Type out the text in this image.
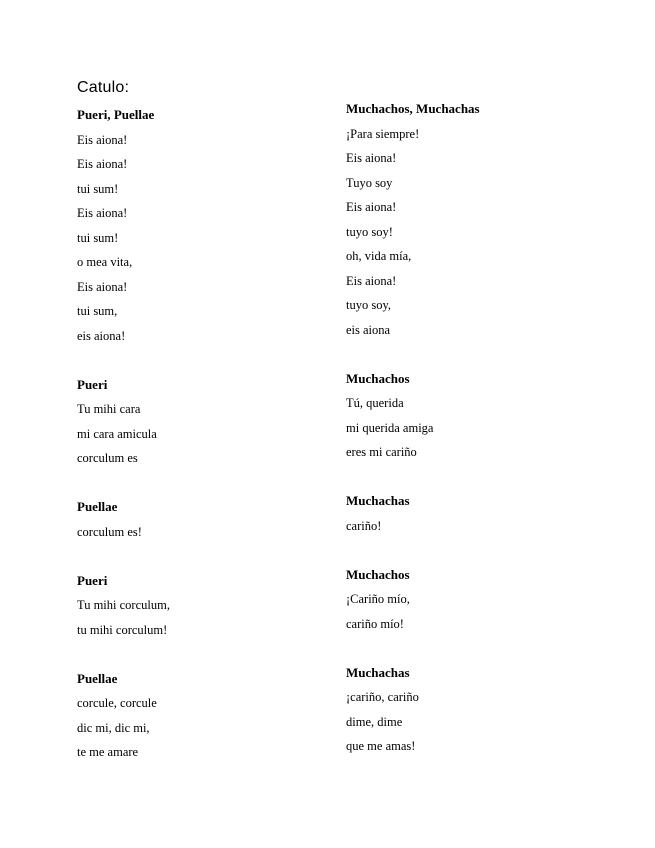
Catulo:
Pueri, Puellae
Eis aiona!
Eis aiona!
tui sum!
Eis aiona!
tui sum!
o mea vita,
Eis aiona!
tui sum,
eis aiona!
Pueri
Tu mihi cara
mi cara amicula
corculum es
Puellae
corculum es!
Pueri
Tu mihi corculum,
tu mihi corculum!
Puellae
corcule, corcule
dic mi, dic mi,
te me amare
Muchachos, Muchachas
¡Para siempre!
Eis aiona!
Tuyo soy
Eis aiona!
tuyo soy!
oh, vida mía,
Eis aiona!
tuyo soy,
eis aiona
Muchachos
Tú, querida
mi querida amiga
eres mi cariño
Muchachas
cariño!
Muchachos
¡Cariño mío,
cariño mío!
Muchachas
¡cariño, cariño
dime, dime
que me amas!
